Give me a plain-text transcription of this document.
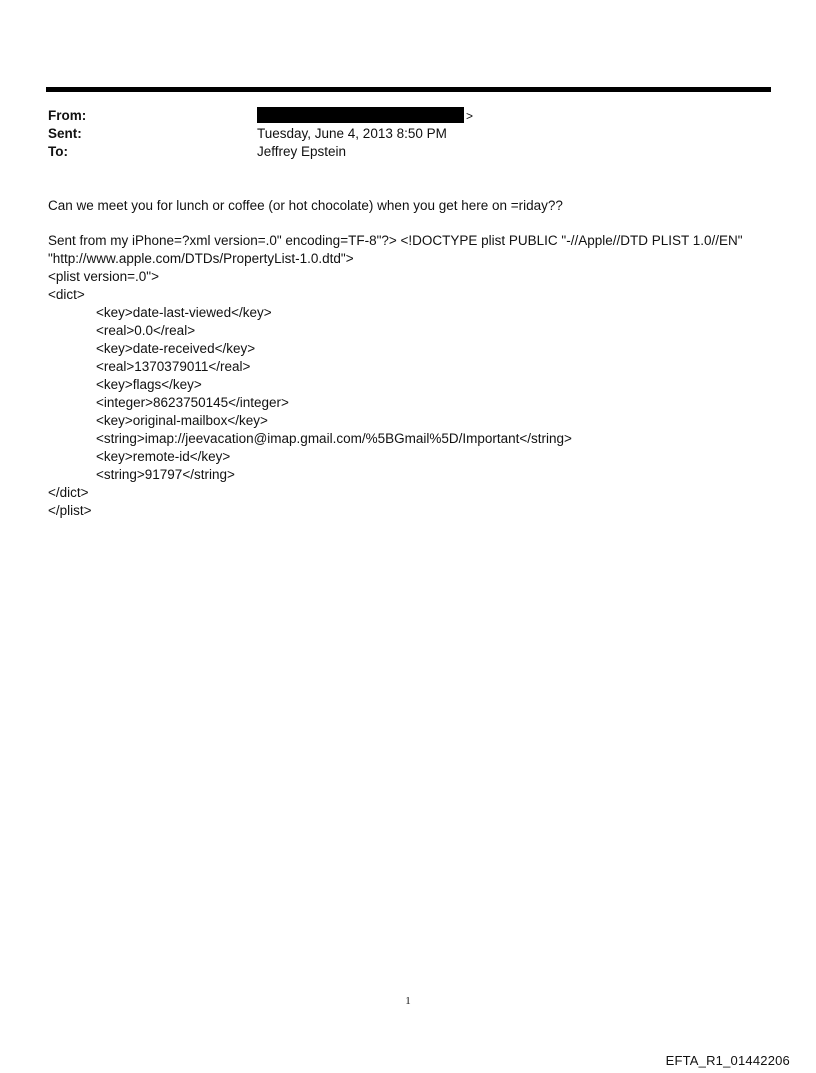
From:	>
Sent:	Tuesday, June 4, 2013 8:50 PM
To:	Jeffrey Epstein

Can we meet you for lunch or coffee (or hot chocolate) when you get here on =riday??

Sent from my iPhone=?xml version=.0" encoding=TF-8"?> <!DOCTYPE plist PUBLIC "-//Apple//DTD PLIST 1.0//EN"

"http://www.apple.com/DTDs/PropertyList-1.0.dtd">

<plist version=.0">

<dict>

<key>date-last-viewed</key>

<real>0.0</real>

<key>date-received</key>

<real>1370379011</real>

<key>flags</key>

<integer>8623750145</integer>

<key>original-mailbox</key>

<string>imap://jeevacation@imap.gmail.com/%5BGmail%5D/Important</string>

<key>remote-id</key>

<string>91797</string>

</dict>

</plist>

1
EFTA_R1_01442206
